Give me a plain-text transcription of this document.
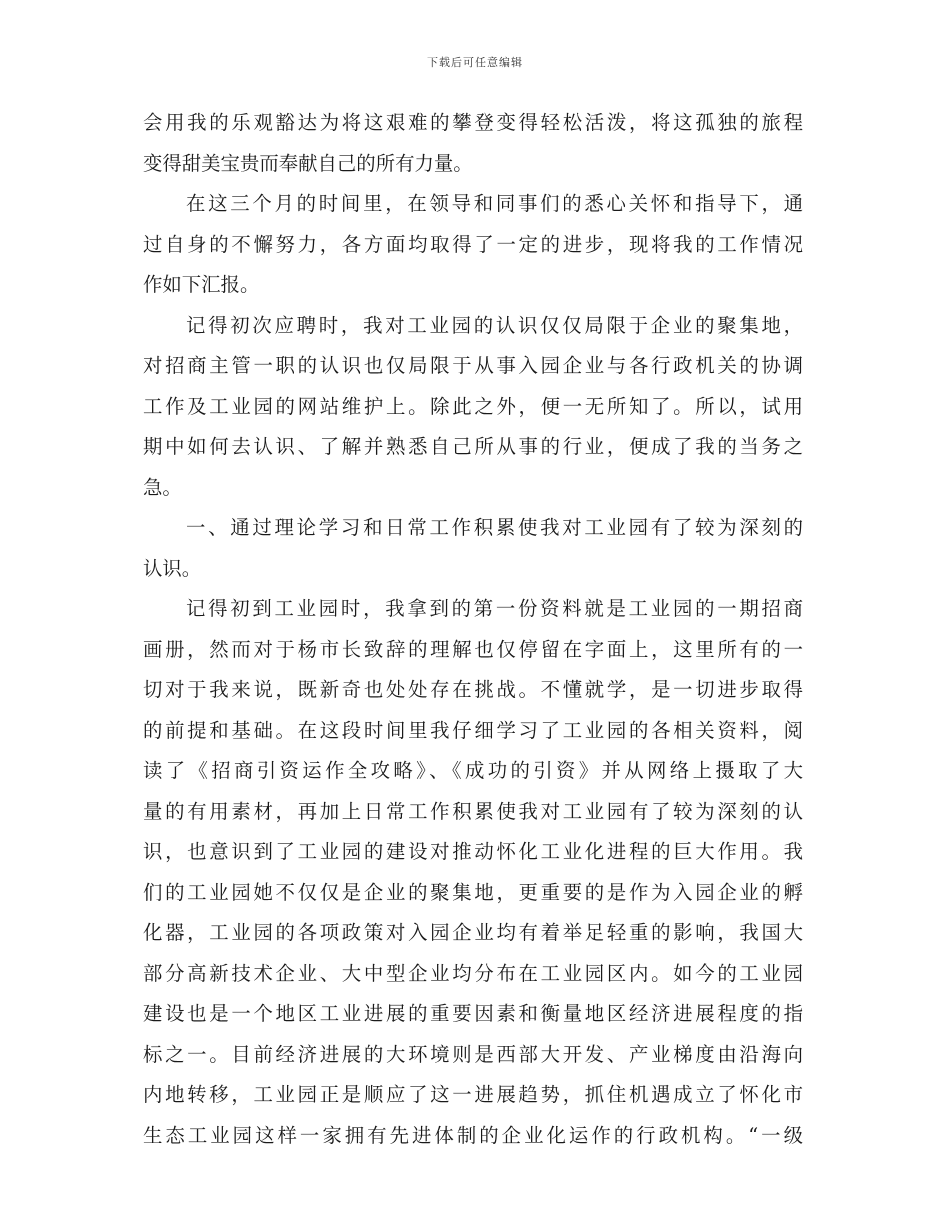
下载后可任意编辑
会用我的乐观豁达为将这艰难的攀登变得轻松活泼，将这孤独的旅程
变得甜美宝贵而奉献自己的所有力量。
在这三个月的时间里，在领导和同事们的悉心关怀和指导下，通
过自身的不懈努力，各方面均取得了一定的进步，现将我的工作情况
作如下汇报。
记得初次应聘时，我对工业园的认识仅仅局限于企业的聚集地，
对招商主管一职的认识也仅局限于从事入园企业与各行政机关的协调
工作及工业园的网站维护上。除此之外，便一无所知了。所以，试用
期中如何去认识、了解并熟悉自己所从事的行业，便成了我的当务之
急。
一、通过理论学习和日常工作积累使我对工业园有了较为深刻的
认识。
记得初到工业园时，我拿到的第一份资料就是工业园的一期招商
画册，然而对于杨市长致辞的理解也仅停留在字面上，这里所有的一
切对于我来说，既新奇也处处存在挑战。不懂就学，是一切进步取得
的前提和基础。在这段时间里我仔细学习了工业园的各相关资料，阅
读了《招商引资运作全攻略》、《成功的引资》并从网络上摄取了大
量的有用素材，再加上日常工作积累使我对工业园有了较为深刻的认
识，也意识到了工业园的建设对推动怀化工业化进程的巨大作用。我
们的工业园她不仅仅是企业的聚集地，更重要的是作为入园企业的孵
化器，工业园的各项政策对入园企业均有着举足轻重的影响，我国大
部分高新技术企业、大中型企业均分布在工业园区内。如今的工业园
建设也是一个地区工业进展的重要因素和衡量地区经济进展程度的指
标之一。目前经济进展的大环境则是西部大开发、产业梯度由沿海向
内地转移，工业园正是顺应了这一进展趋势，抓住机遇成立了怀化市
生态工业园这样一家拥有先进体制的企业化运作的行政机构。“一级
